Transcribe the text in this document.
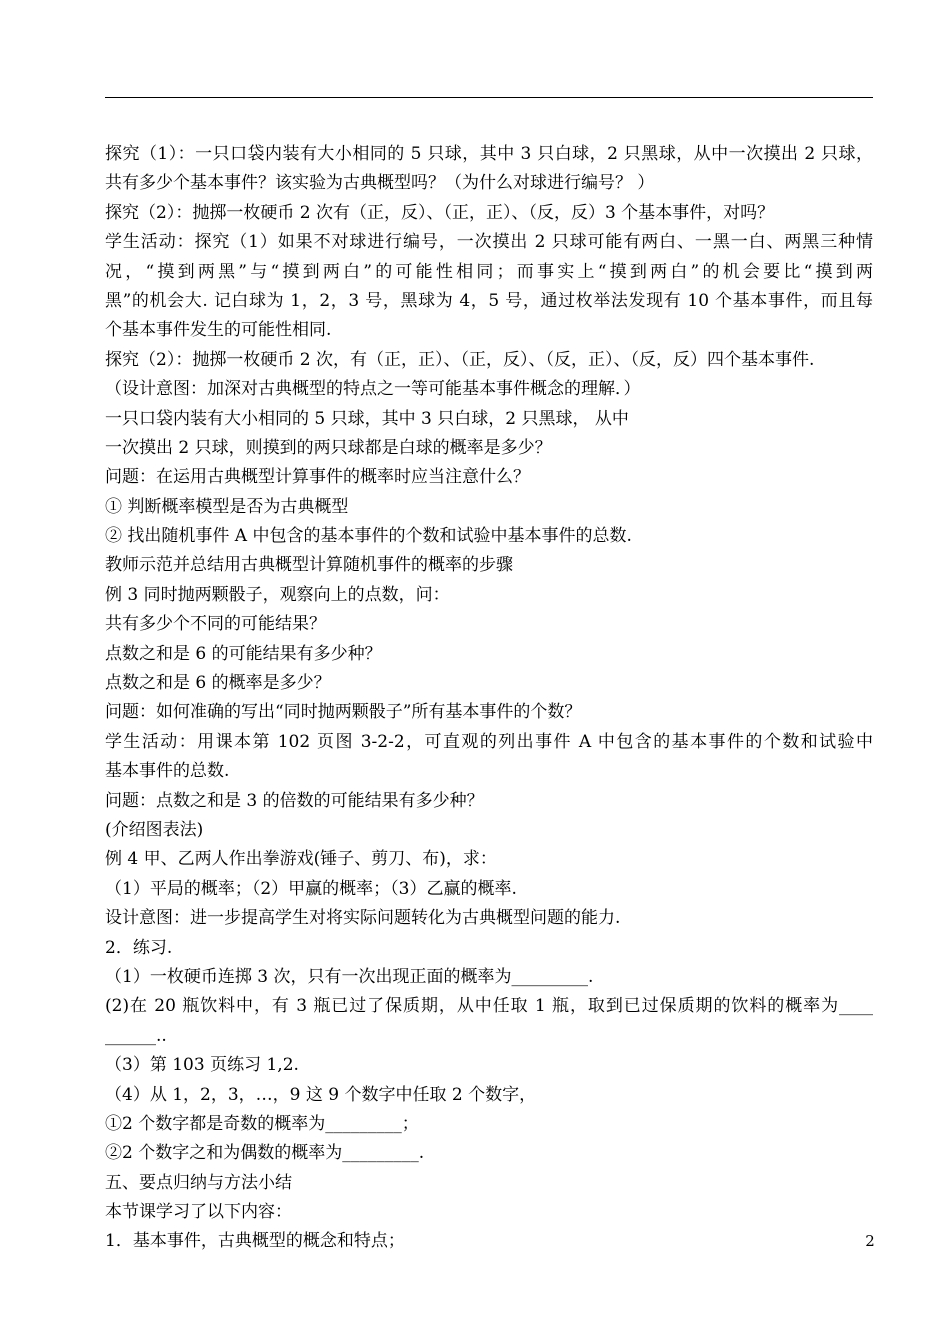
探究（1）：一只口袋内装有大小相同的 5 只球，其中 3 只白球，2 只黑球，从中一次摸出 2 只球，
共有多少个基本事件？该实验为古典概型吗？（为什么对球进行编号？ ）
探究（2）：抛掷一枚硬币 2 次有（正，反）、（正，正）、（反，反）3 个基本事件，对吗？
学生活动：探究（1）如果不对球进行编号，一次摸出 2 只球可能有两白、一黑一白、两黑三种情
况，“摸到两黑”与“摸到两白”的可能性相同；而事实上“摸到两白”的机会要比“摸到两
黑”的机会大. 记白球为 1，2，3 号，黑球为 4，5 号，通过枚举法发现有 10 个基本事件，而且每
个基本事件发生的可能性相同.
探究（2）：抛掷一枚硬币 2 次，有（正，正）、（正，反）、（反，正）、（反，反）四个基本事件.
（设计意图：加深对古典概型的特点之一等可能基本事件概念的理解．）
一只口袋内装有大小相同的 5 只球，其中 3 只白球，2 只黑球， 从中
一次摸出 2 只球，则摸到的两只球都是白球的概率是多少？
问题：在运用古典概型计算事件的概率时应当注意什么？
① 判断概率模型是否为古典概型
② 找出随机事件 A 中包含的基本事件的个数和试验中基本事件的总数.
教师示范并总结用古典概型计算随机事件的概率的步骤
例 3 同时抛两颗骰子，观察向上的点数，问：
共有多少个不同的可能结果？
点数之和是 6 的可能结果有多少种？
点数之和是 6 的概率是多少？
问题：如何准确的写出“同时抛两颗骰子”所有基本事件的个数？
学生活动：用课本第 102 页图 3-2-2，可直观的列出事件 A 中包含的基本事件的个数和试验中
基本事件的总数.
问题：点数之和是 3 的倍数的可能结果有多少种？
(介绍图表法)
例 4 甲、乙两人作出拳游戏(锤子、剪刀、布)，求：
（1）平局的概率；（2）甲赢的概率；（3）乙赢的概率.
设计意图：进一步提高学生对将实际问题转化为古典概型问题的能力.
2．练习.
（1）一枚硬币连掷 3 次，只有一次出现正面的概率为_________.
(2)在 20 瓶饮料中，有 3 瓶已过了保质期，从中任取 1 瓶，取到已过保质期的饮料的概率为____
______..
（3）第 103 页练习 1,2.
（4）从 1，2，3，…，9 这 9 个数字中任取 2 个数字，
①2 个数字都是奇数的概率为_________；
②2 个数字之和为偶数的概率为_________.
五、要点归纳与方法小结
本节课学习了以下内容：
1．基本事件，古典概型的概念和特点；	2
